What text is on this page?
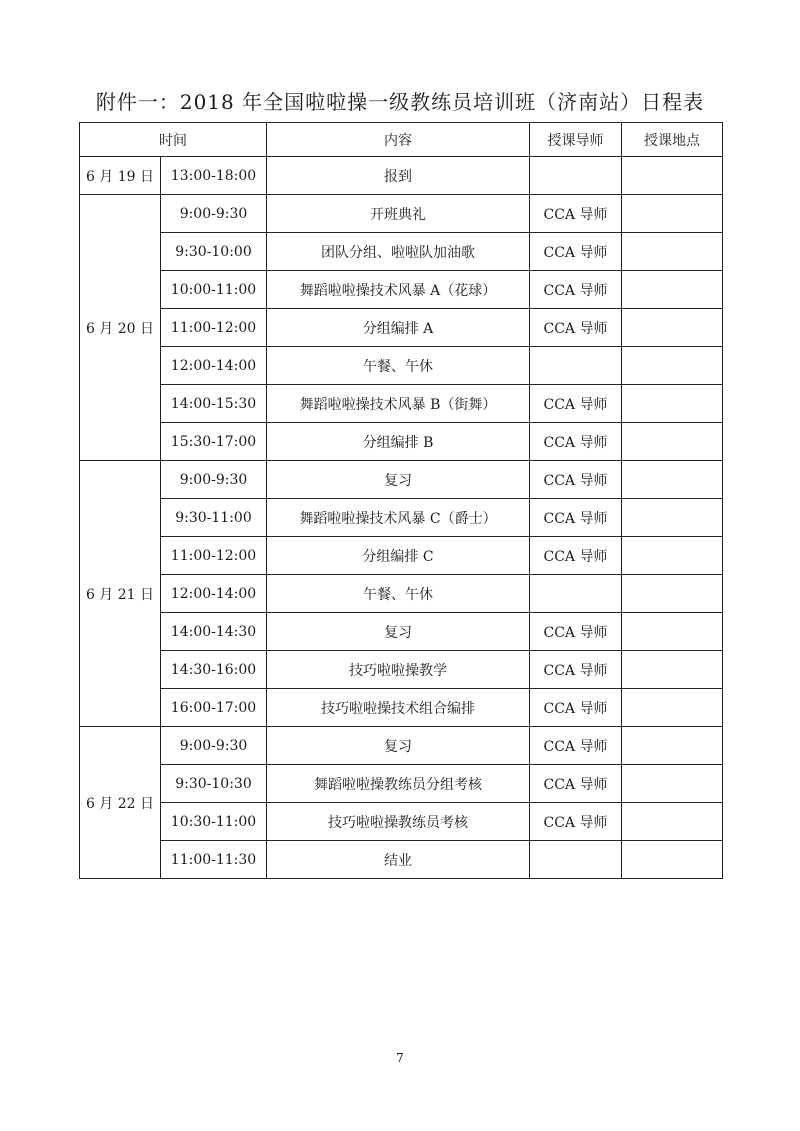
附件一：2018 年全国啦啦操一级教练员培训班（济南站）日程表
时间		内容	授课导师	授课地点
6 月 19 日	13:00-18:00	报到		
6 月 20 日	9:00-9:30	开班典礼	CCA 导师	
	9:30-10:00	团队分组、啦啦队加油歌	CCA 导师	
	10:00-11:00	舞蹈啦啦操技术风暴 A（花球）	CCA 导师	
	11:00-12:00	分组编排 A	CCA 导师	
	12:00-14:00	午餐、午休		
	14:00-15:30	舞蹈啦啦操技术风暴 B（街舞）	CCA 导师	
	15:30-17:00	分组编排 B	CCA 导师	
6 月 21 日	9:00-9:30	复习	CCA 导师	
	9:30-11:00	舞蹈啦啦操技术风暴 C（爵士）	CCA 导师	
	11:00-12:00	分组编排 C	CCA 导师	
	12:00-14:00	午餐、午休		
	14:00-14:30	复习	CCA 导师	
	14:30-16:00	技巧啦啦操教学	CCA 导师	
	16:00-17:00	技巧啦啦操技术组合编排	CCA 导师	
6 月 22 日	9:00-9:30	复习	CCA 导师	
	9:30-10:30	舞蹈啦啦操教练员分组考核	CCA 导师	
	10:30-11:00	技巧啦啦操教练员考核	CCA 导师	
	11:00-11:30	结业		
7
